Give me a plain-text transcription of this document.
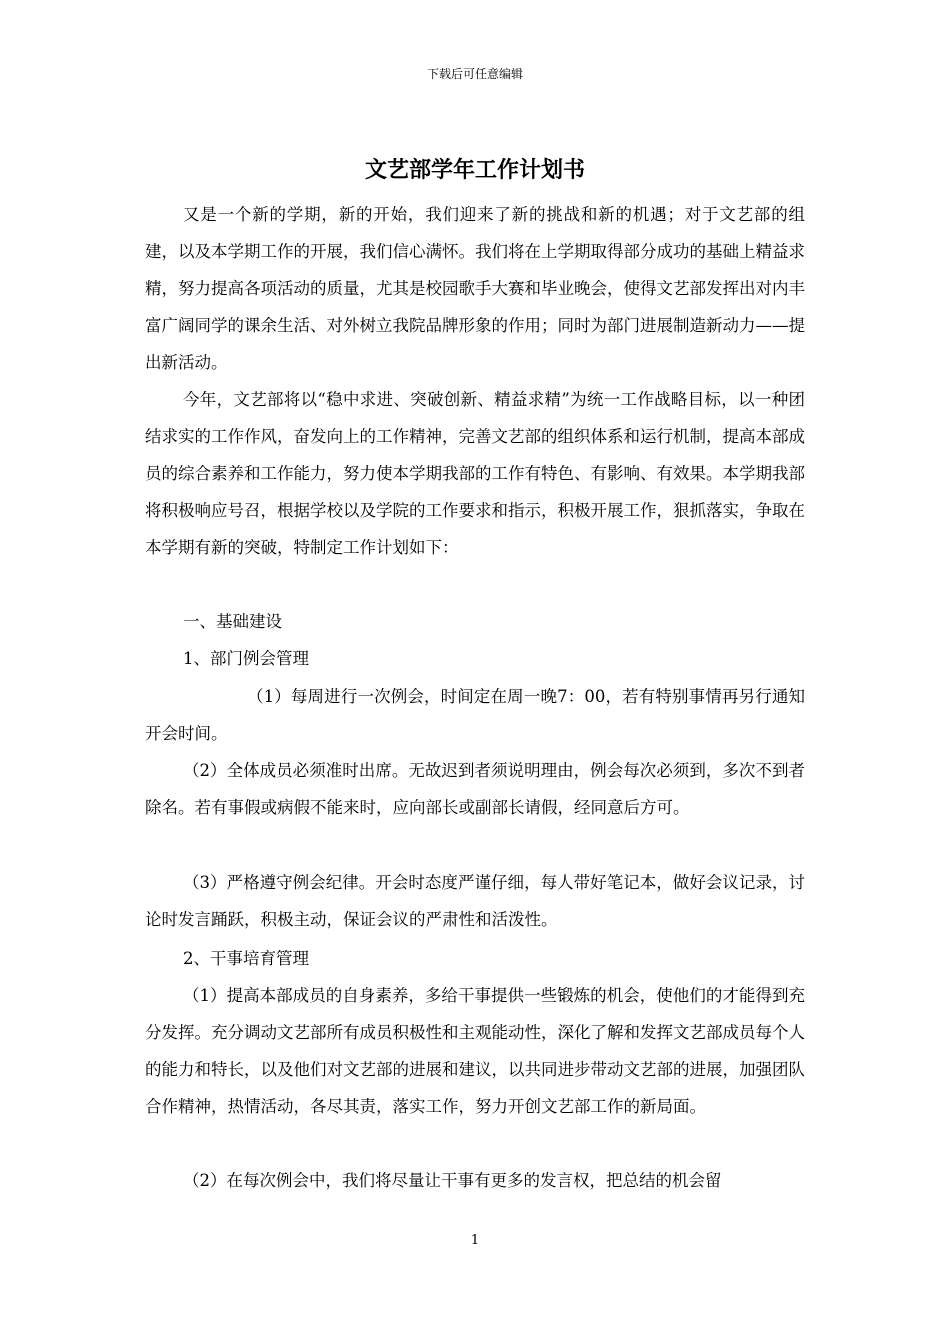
下载后可任意编辑
文艺部学年工作计划书

又是一个新的学期，新的开始，我们迎来了新的挑战和新的机遇；对于文艺部的组建，以及本学期工作的开展，我们信心满怀。我们将在上学期取得部分成功的基础上精益求精，努力提高各项活动的质量，尤其是校园歌手大赛和毕业晚会，使得文艺部发挥出对内丰富广阔同学的课余生活、对外树立我院品牌形象的作用；同时为部门进展制造新动力——提出新活动。

今年，文艺部将以“稳中求进、突破创新、精益求精”为统一工作战略目标，以一种团结求实的工作作风，奋发向上的工作精神，完善文艺部的组织体系和运行机制，提高本部成员的综合素养和工作能力，努力使本学期我部的工作有特色、有影响、有效果。本学期我部将积极响应号召，根据学校以及学院的工作要求和指示，积极开展工作，狠抓落实，争取在本学期有新的突破，特制定工作计划如下：

一、基础建设

1、部门例会管理

（1）每周进行一次例会，时间定在周一晚7：00，若有特别事情再另行通知开会时间。

（2）全体成员必须准时出席。无故迟到者须说明理由，例会每次必须到，多次不到者除名。若有事假或病假不能来时，应向部长或副部长请假，经同意后方可。

（3）严格遵守例会纪律。开会时态度严谨仔细，每人带好笔记本，做好会议记录，讨论时发言踊跃，积极主动，保证会议的严肃性和活泼性。

2、干事培育管理

（1）提高本部成员的自身素养，多给干事提供一些锻炼的机会，使他们的才能得到充分发挥。充分调动文艺部所有成员积极性和主观能动性，深化了解和发挥文艺部成员每个人的能力和特长，以及他们对文艺部的进展和建议，以共同进步带动文艺部的进展，加强团队合作精神，热情活动，各尽其责，落实工作，努力开创文艺部工作的新局面。

（2）在每次例会中，我们将尽量让干事有更多的发言权，把总结的机会留

1
